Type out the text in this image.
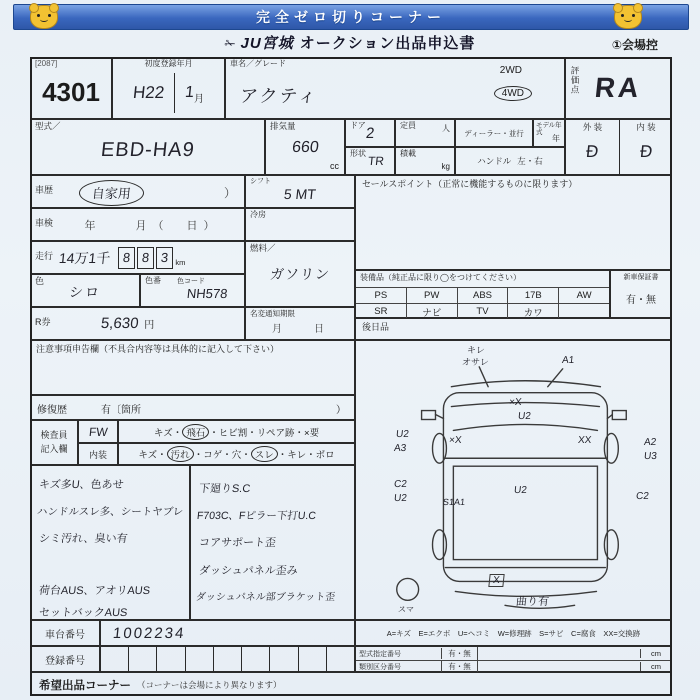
完全ゼロ切りコーナー
✁ JU宮城 オークション出品申込書	①会場控
[2087]
4301
初度登録年月
H22 1 月
車名／グレード
アクティ
2WD
4WD	評価点 RA
型式／
EBD-HA9
排気量
660
cc
ドア 2	定員	人
形状
TR
積載
kg
ディーラー・並行
モデル年式
年
ハンドル 左・右
外 装
Ð
内 装
Ð
車歴	自家用	）
シフト
5 MT
車検	年　　月（　日）
冷房
走行 14万1千 8 8 3 km
燃料／
ガソリン
色
シロ
色番 色コード
NH578
R券	5,630 円
名変通知期限
月　　日
セールスポイント（正常に機能するものに限ります）
装備品（純正品に限り◯をつけてください）
PS	PW	ABS	17B	AW
SR	ナビ	TV	カワ
新車保証書
有・無
後日品
注意事項申告欄（不具合内容等は具体的に記入して下さい）
修復歴	有〔箇所	）
検査員
記入欄
FW	キズ・ 飛石 ・ヒビ割・リペア跡・×要
内装	キズ・ 汚れ ・コゲ・穴・ スレ ・キレ・ボロ
キズ多U、色あせ
ハンドルスレ多、シートヤブレ
シミ汚れ、臭い有
荷台AUS、アオリAUS
セットバックAUS
下廻りS.C
F703C、Fピラー下打U.C
コアサポート歪
ダッシュパネル歪み
ダッシュパネル部ブラケット歪
キレ
オサレ	A1
×X
U2
U2
A3
×X	XX	A2
U3
C2
U2	S1A1
U2
C2
X
曲り有
スマ
車台番号 1002234	A=キズ　E=エクボ　U=ヘコミ　W=修理跡　S=サビ　C=腐食　XX=交換跡
登録番号
型式指定番号	有・無	cm
類別区分番号	有・無	cm
希望出品コーナー （コーナーは会場により異なります）
